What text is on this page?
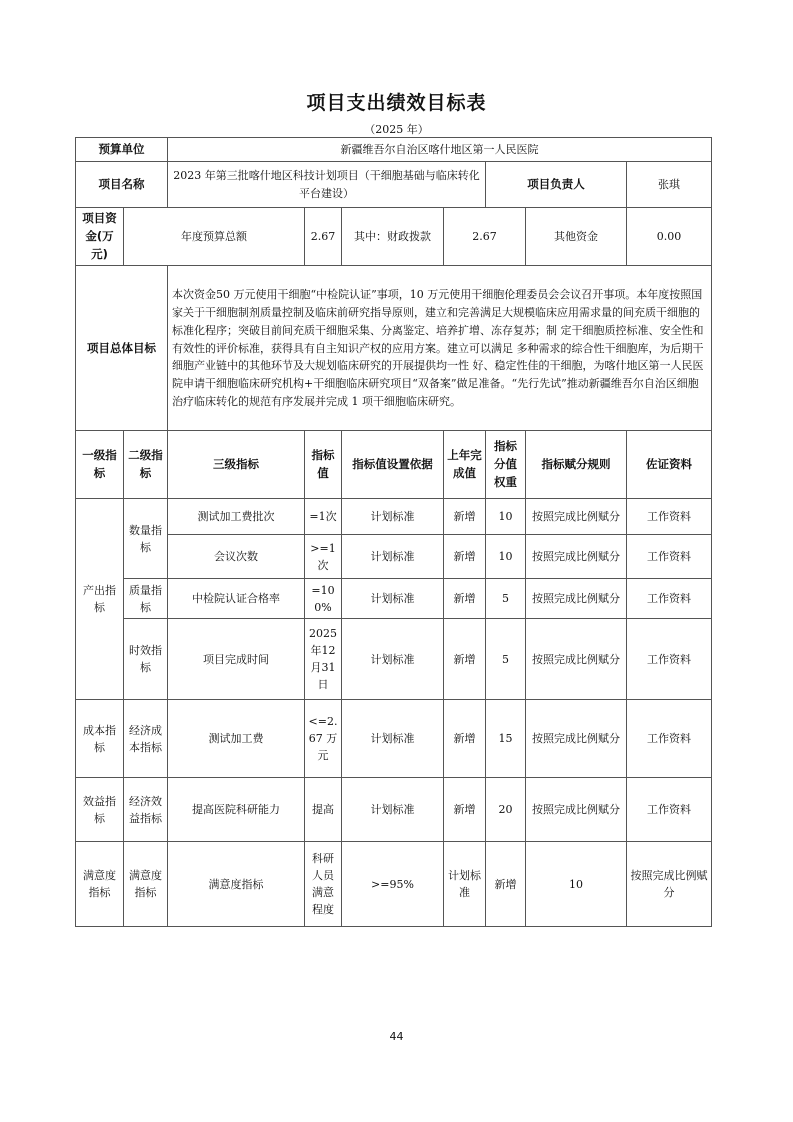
项目支出绩效目标表
（2025 年）
预算单位		新疆维吾尔自治区喀什地区第一人民医院						
项目名称		2023 年第三批喀什地区科技计划项目（干细胞基础与临床转化平台建设）				项目负责人		张琪
项目资金(万元)	年度预算总额		2.67	其中：财政拨款	2.67		其他资金	0.00
项目总体目标		本次资金50 万元使用干细胞“中检院认证”事项，10 万元使用干细胞伦理委员会会议召开事项。本年度按照国家关于干细胞制剂质量控制及临床前研究指导原则，建立和完善满足大规模临床应用需求量的间充质干细胞的标准化程序；突破目前间充质干细胞采集、分离鉴定、培养扩增、冻存复苏；制 定干细胞质控标准、安全性和有效性的评价标准，获得具有自主知识产权的应用方案。建立可以满足 多种需求的综合性干细胞库，为后期干细胞产业链中的其他环节及大规划临床研究的开展提供均一性 好、稳定性佳的干细胞，为喀什地区第一人民医院申请干细胞临床研究机构+干细胞临床研究项目“双备案”做足准备。“先行先试”推动新疆维吾尔自治区细胞治疗临床转化的规范有序发展并完成 1 项干细胞临床研究。						
一级指标	二级指标	三级指标	指标值	指标值设置依据	上年完成值	指标分值权重	指标赋分规则	佐证资料
产出指标	数量指标	测试加工费批次	=1次	计划标准	新增	10	按照完成比例赋分	工作资料
		会议次数	>=1次	计划标准	新增	10	按照完成比例赋分	工作资料
	质量指标	中检院认证合格率	=100%	计划标准	新增	5	按照完成比例赋分	工作资料
	时效指标	项目完成时间	2025年12月31日	计划标准	新增	5	按照完成比例赋分	工作资料
成本指标	经济成本指标	测试加工费	<=2.67 万元	计划标准	新增	15	按照完成比例赋分	工作资料
效益指标	经济效益指标	提高医院科研能力	提高	计划标准	新增	20	按照完成比例赋分	工作资料
满意度指标	满意度指标	满意度指标	科研人员满意程度	>=95%	计划标准	新增	10	按照完成比例赋分
44
